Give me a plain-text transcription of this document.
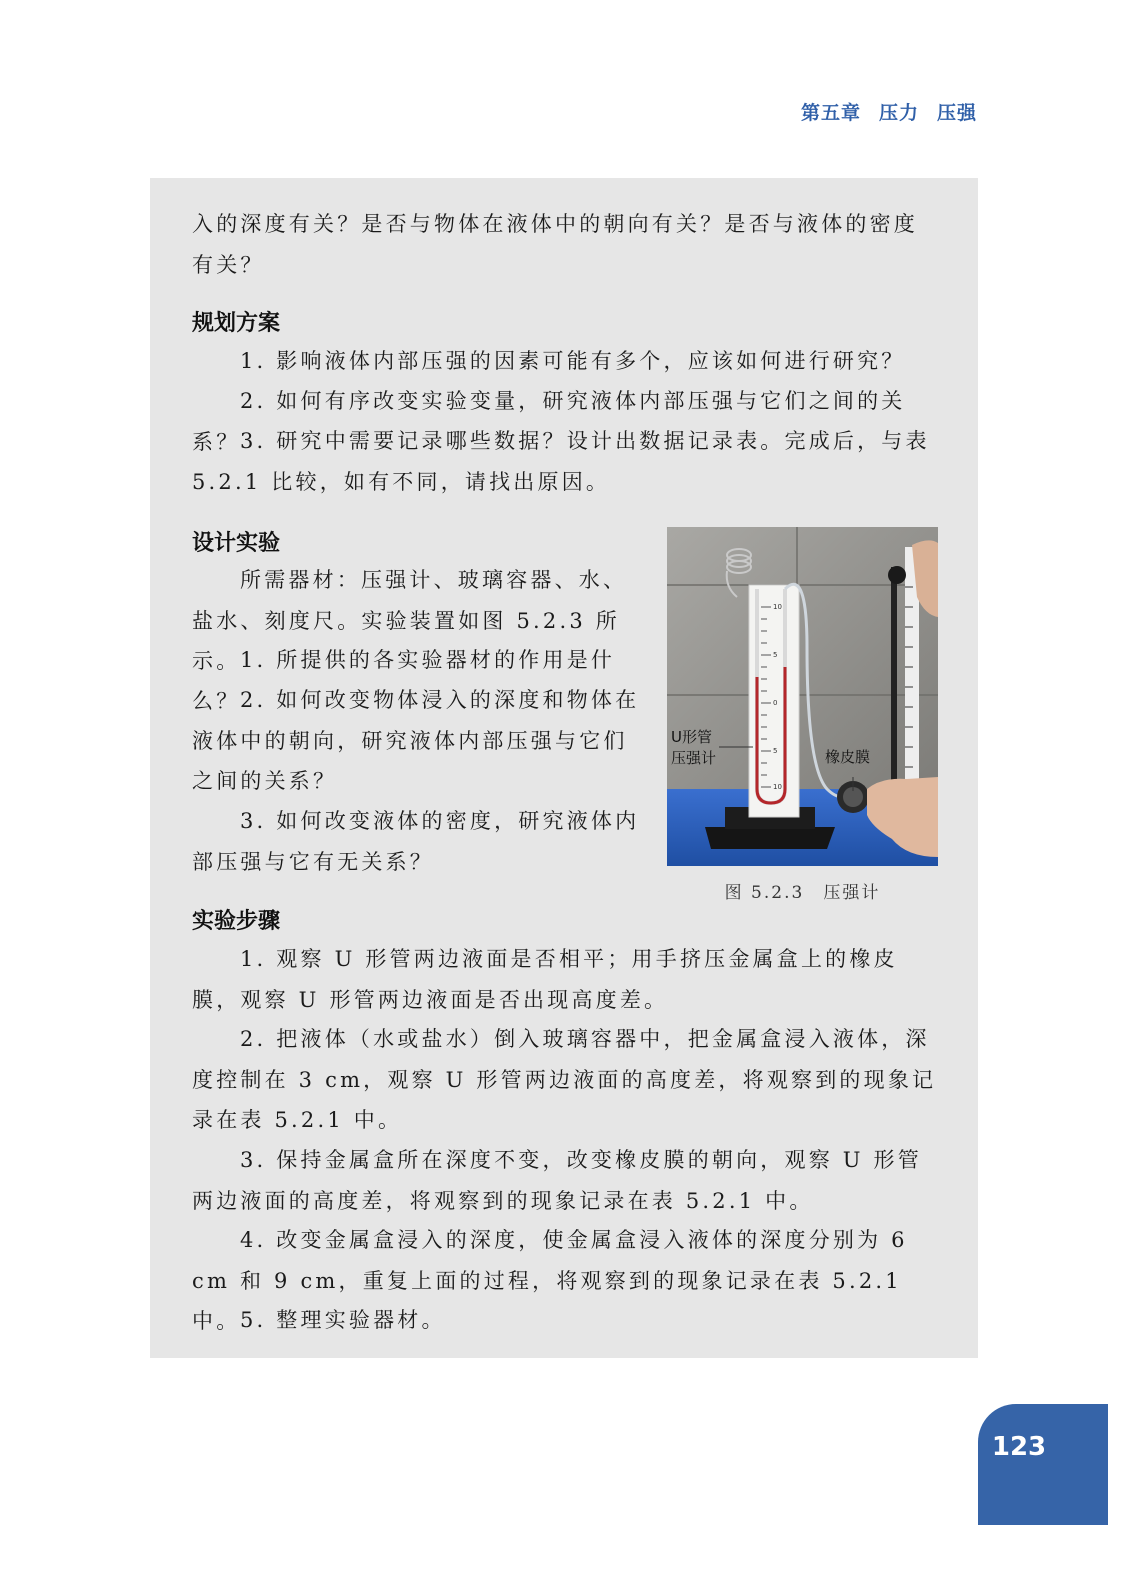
第五章 压力 压强

入的深度有关？是否与物体在液体中的朝向有关？是否与液体的密度有关？

规划方案

1. 影响液体内部压强的因素可能有多个，应该如何进行研究？

2. 如何有序改变实验变量，研究液体内部压强与它们之间的关系？ 3. 研究中需要记录哪些数据？设计出数据记录表。完成后，与表5.2.1 比较，如有不同，请找出原因。

设计实验

所需器材：压强计、玻璃容器、水、盐水、刻度尺。实验装置如图 5.2.3 所示。 1. 所提供的各实验器材的作用是什么？ 2. 如何改变物体浸入的深度和物体在液体中的朝向，研究液体内部压强与它们之间的关系？

3. 如何改变液体的密度，研究液体内部压强与它有无关系？

10
5
0
5
10
U形管
压强计	橡皮膜
图 5.2.3　压强计
实验步骤

1. 观察 U 形管两边液面是否相平；用手挤压金属盒上的橡皮膜，观察 U 形管两边液面是否出现高度差。

2. 把液体（水或盐水）倒入玻璃容器中，把金属盒浸入液体，深度控制在 3 cm，观察 U 形管两边液面的高度差，将观察到的现象记录在表 5.2.1 中。

3. 保持金属盒所在深度不变，改变橡皮膜的朝向，观察 U 形管两边液面的高度差，将观察到的现象记录在表 5.2.1 中。

4. 改变金属盒浸入的深度，使金属盒浸入液体的深度分别为 6 cm 和 9 cm，重复上面的过程，将观察到的现象记录在表 5.2.1 中。 5. 整理实验器材。

123
